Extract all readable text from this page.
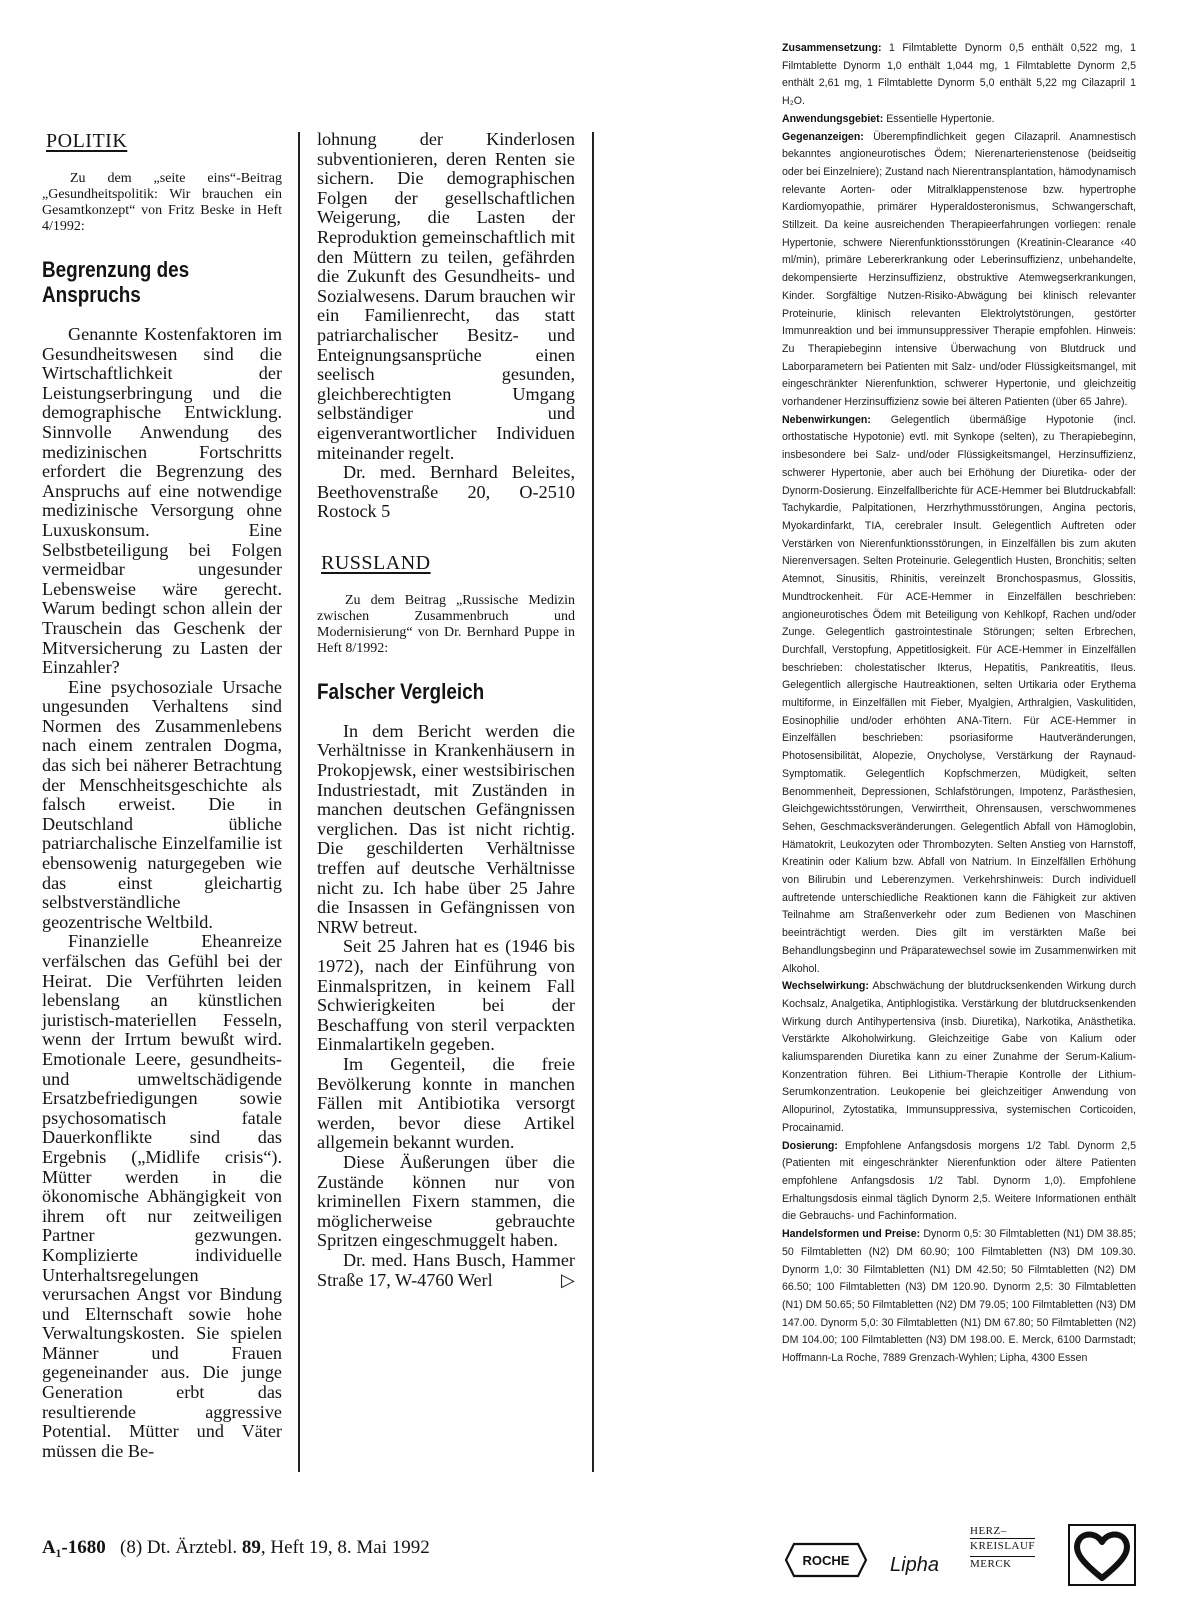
POLITIK

Zu dem „seite eins“-Beitrag „Gesundheitspolitik: Wir brauchen ein Gesamtkonzept“ von Fritz Beske in Heft 4/1992:

Begrenzung des Anspruchs

Genannte Kostenfaktoren im Gesundheitswesen sind die Wirtschaftlichkeit der Leistungserbringung und die demographische Entwicklung. Sinnvolle Anwendung des medizinischen Fortschritts erfordert die Begrenzung des Anspruchs auf eine notwendige medizinische Versorgung ohne Luxuskonsum. Eine Selbstbeteiligung bei Folgen vermeidbar ungesunder Lebensweise wäre gerecht. Warum bedingt schon allein der Trauschein das Geschenk der Mitversicherung zu Lasten der Einzahler?

Eine psychosoziale Ursache ungesunden Verhaltens sind Normen des Zusammenlebens nach einem zentralen Dogma, das sich bei näherer Betrachtung der Menschheitsgeschichte als falsch erweist. Die in Deutschland übliche patriarchalische Einzelfamilie ist ebensowenig naturgegeben wie das einst gleichartig selbstverständliche geozentrische Weltbild.

Finanzielle Eheanreize verfälschen das Gefühl bei der Heirat. Die Verführten leiden lebenslang an künstlichen juristisch-materiellen Fesseln, wenn der Irrtum bewußt wird. Emotionale Leere, gesundheits- und umweltschädigende Ersatzbefriedigungen sowie psychosomatisch fatale Dauerkonflikte sind das Ergebnis („Midlife crisis“). Mütter werden in die ökonomische Abhängigkeit von ihrem oft nur zeitweiligen Partner gezwungen. Komplizierte individuelle Unterhaltsregelungen verursachen Angst vor Bindung und Elternschaft sowie hohe Verwaltungskosten. Sie spielen Männer und Frauen gegeneinander aus. Die junge Generation erbt das resultierende aggressive Potential. Mütter und Väter müssen die Be-

lohnung der Kinderlosen subventionieren, deren Renten sie sichern. Die demographischen Folgen der gesellschaftlichen Weigerung, die Lasten der Reproduktion gemeinschaftlich mit den Müttern zu teilen, gefährden die Zukunft des Gesundheits- und Sozialwesens. Darum brauchen wir ein Familienrecht, das statt patriarchalischer Besitz- und Enteignungsansprüche einen seelisch gesunden, gleichberechtigten Umgang selbständiger und eigenverantwortlicher Individuen miteinander regelt.

Dr. med. Bernhard Beleites, Beethovenstraße 20, O-2510 Rostock 5

RUSSLAND

Zu dem Beitrag „Russische Medizin zwischen Zusammenbruch und Modernisierung“ von Dr. Bernhard Puppe in Heft 8/1992:

Falscher Vergleich

In dem Bericht werden die Verhältnisse in Krankenhäusern in Prokopjewsk, einer westsibirischen Industriestadt, mit Zuständen in manchen deutschen Gefängnissen verglichen. Das ist nicht richtig. Die geschilderten Verhältnisse treffen auf deutsche Verhältnisse nicht zu. Ich habe über 25 Jahre die Insassen in Gefängnissen von NRW betreut.

Seit 25 Jahren hat es (1946 bis 1972), nach der Einführung von Einmalspritzen, in keinem Fall Schwierigkeiten bei der Beschaffung von steril verpackten Einmalartikeln gegeben.

Im Gegenteil, die freie Bevölkerung konnte in manchen Fällen mit Antibiotika versorgt werden, bevor diese Artikel allgemein bekannt wurden.

Diese Äußerungen über die Zustände können nur von kriminellen Fixern stammen, die möglicherweise gebrauchte Spritzen eingeschmuggelt haben.

Dr. med. Hans Busch, Hammer Straße 17, W-4760 Werl	▷

Zusammensetzung: 1 Filmtablette Dynorm 0,5 enthält 0,522 mg, 1 Filmtablette Dynorm 1,0 enthält 1,044 mg, 1 Filmtablette Dynorm 2,5 enthält 2,61 mg, 1 Filmtablette Dynorm 5,0 enthält 5,22 mg Cilazapril 1 H₂O.

Anwendungsgebiet: Essentielle Hypertonie.

Gegenanzeigen: Überempfindlichkeit gegen Cilazapril. Anamnestisch bekanntes angioneurotisches Ödem; Nierenarterienstenose (beidseitig oder bei Einzelniere); Zustand nach Nierentransplantation, hämodynamisch relevante Aorten- oder Mitralklappenstenose bzw. hypertrophe Kardiomyopathie, primärer Hyperaldosteronismus, Schwangerschaft, Stillzeit. Da keine ausreichenden Therapieerfahrungen vorliegen: renale Hypertonie, schwere Nierenfunktionsstörungen (Kreatinin-Clearance ‹40 ml/min), primäre Lebererkrankung oder Leberinsuffizienz, unbehandelte, dekompensierte Herzinsuffizienz, obstruktive Atemwegserkrankungen, Kinder. Sorgfältige Nutzen-Risiko-Abwägung bei klinisch relevanter Proteinurie, klinisch relevanten Elektrolytstörungen, gestörter Immunreaktion und bei immunsuppressiver Therapie empfohlen. Hinweis: Zu Therapiebeginn intensive Überwachung von Blutdruck und Laborparametern bei Patienten mit Salz- und/oder Flüssigkeitsmangel, mit eingeschränkter Nierenfunktion, schwerer Hypertonie, und gleichzeitig vorhandener Herzinsuffizienz sowie bei älteren Patienten (über 65 Jahre).

Nebenwirkungen: Gelegentlich übermäßige Hypotonie (incl. orthostatische Hypotonie) evtl. mit Synkope (selten), zu Therapiebeginn, insbesondere bei Salz- und/oder Flüssigkeitsmangel, Herzinsuffizienz, schwerer Hypertonie, aber auch bei Erhöhung der Diuretika- oder der Dynorm-Dosierung. Einzelfallberichte für ACE-Hemmer bei Blutdruckabfall: Tachykardie, Palpitationen, Herzrhythmusstörungen, Angina pectoris, Myokardinfarkt, TIA, cerebraler Insult. Gelegentlich Auftreten oder Verstärken von Nierenfunktionsstörungen, in Einzelfällen bis zum akuten Nierenversagen. Selten Proteinurie. Gelegentlich Husten, Bronchitis; selten Atemnot, Sinusitis, Rhinitis, vereinzelt Bronchospasmus, Glossitis, Mundtrockenheit. Für ACE-Hemmer in Einzelfällen beschrieben: angioneurotisches Ödem mit Beteiligung von Kehlkopf, Rachen und/oder Zunge. Gelegentlich gastrointestinale Störungen; selten Erbrechen, Durchfall, Verstopfung, Appetitlosigkeit. Für ACE-Hemmer in Einzelfällen beschrieben: cholestatischer Ikterus, Hepatitis, Pankreatitis, Ileus. Gelegentlich allergische Hautreaktionen, selten Urtikaria oder Erythema multiforme, in Einzelfällen mit Fieber, Myalgien, Arthralgien, Vaskulitiden, Eosinophilie und/oder erhöhten ANA-Titern. Für ACE-Hemmer in Einzelfällen beschrieben: psoriasiforme Hautveränderungen, Photosensibilität, Alopezie, Onycholyse, Verstärkung der Raynaud-Symptomatik. Gelegentlich Kopfschmerzen, Müdigkeit, selten Benommenheit, Depressionen, Schlafstörungen, Impotenz, Parästhesien, Gleichgewichtsstörungen, Verwirrtheit, Ohrensausen, verschwommenes Sehen, Geschmacksveränderungen. Gelegentlich Abfall von Hämoglobin, Hämatokrit, Leukozyten oder Thrombozyten. Selten Anstieg von Harnstoff, Kreatinin oder Kalium bzw. Abfall von Natrium. In Einzelfällen Erhöhung von Bilirubin und Leberenzymen. Verkehrshinweis: Durch individuell auftretende unterschiedliche Reaktionen kann die Fähigkeit zur aktiven Teilnahme am Straßenverkehr oder zum Bedienen von Maschinen beeinträchtigt werden. Dies gilt im verstärkten Maße bei Behandlungsbeginn und Präparatewechsel sowie im Zusammenwirken mit Alkohol.

Wechselwirkung: Abschwächung der blutdrucksenkenden Wirkung durch Kochsalz, Analgetika, Antiphlogistika. Verstärkung der blutdrucksenkenden Wirkung durch Antihypertensiva (insb. Diuretika), Narkotika, Anästhetika. Verstärkte Alkoholwirkung. Gleichzeitige Gabe von Kalium oder kaliumsparenden Diuretika kann zu einer Zunahme der Serum-Kalium-Konzentration führen. Bei Lithium-Therapie Kontrolle der Lithium-Serumkonzentration. Leukopenie bei gleichzeitiger Anwendung von Allopurinol, Zytostatika, Immunsuppressiva, systemischen Corticoiden, Procainamid.

Dosierung: Empfohlene Anfangsdosis morgens 1/2 Tabl. Dynorm 2,5 (Patienten mit eingeschränkter Nierenfunktion oder ältere Patienten empfohlene Anfangsdosis 1/2 Tabl. Dynorm 1,0). Empfohlene Erhaltungsdosis einmal täglich Dynorm 2,5. Weitere Informationen enthält die Gebrauchs- und Fachinformation.

Handelsformen und Preise: Dynorm 0,5: 30 Filmtabletten (N1) DM 38.85; 50 Filmtabletten (N2) DM 60.90; 100 Filmtabletten (N3) DM 109.30. Dynorm 1,0: 30 Filmtabletten (N1) DM 42.50; 50 Filmtabletten (N2) DM 66.50; 100 Filmtabletten (N3) DM 120.90. Dynorm 2,5: 30 Filmtabletten (N1) DM 50.65; 50 Filmtabletten (N2) DM 79.05; 100 Filmtabletten (N3) DM 147.00. Dynorm 5,0: 30 Filmtabletten (N1) DM 67.80; 50 Filmtabletten (N2) DM 104.00; 100 Filmtabletten (N3) DM 198.00. E. Merck, 6100 Darmstadt; Hoffmann-La Roche, 7889 Grenzach-Wyhlen; Lipha, 4300 Essen

ROCHE Lipha
HERZ–
KREISLAUF
MERCK
A₁-1680 (8) Dt. Ärztebl. 89, Heft 19, 8. Mai 1992
